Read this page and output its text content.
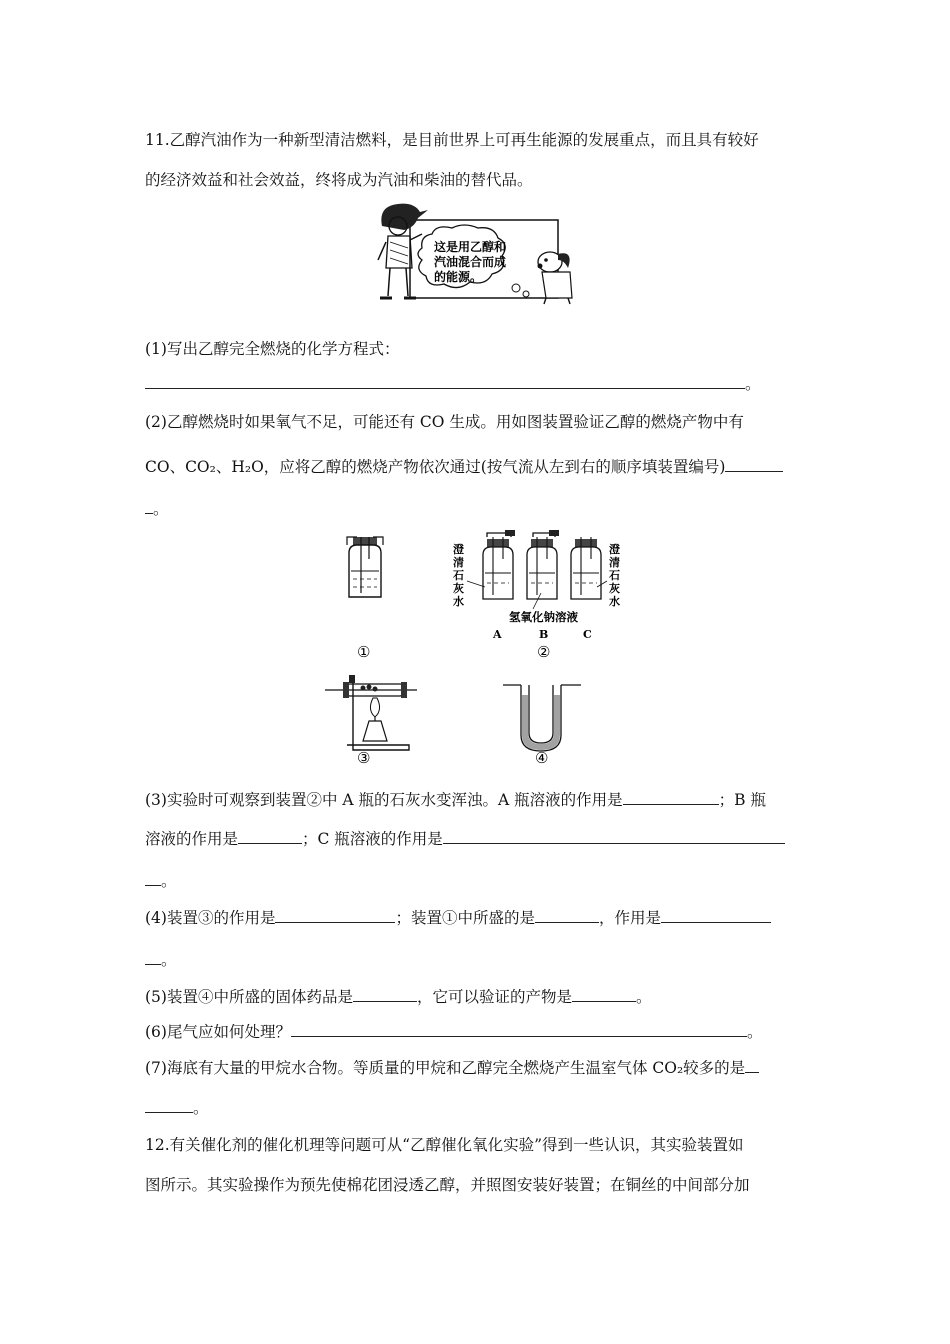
11.乙醇汽油作为一种新型清洁燃料，是目前世界上可再生能源的发展重点，而且具有较好
的经济效益和社会效益，终将成为汽油和柴油的替代品。
这是用乙醇和
汽油混合而成
的能源。
(1)写出乙醇完全燃烧的化学方程式：
。
(2)乙醇燃烧时如果氧气不足，可能还有 CO 生成。用如图装置验证乙醇的燃烧产物中有
CO、CO₂、H₂O，应将乙醇的燃烧产物依次通过(按气流从左到右的顺序填装置编号)
。
①
澄
清
石
灰
水
澄
清
石
灰
水
氢氧化钠溶液
A	B	C
②
③	④
(3)实验时可观察到装置②中 A 瓶的石灰水变浑浊。A 瓶溶液的作用是	；B 瓶
溶液的作用是	；C 瓶溶液的作用是
。
(4)装置③的作用是	；装置①中所盛的是	，作用是
。
(5)装置④中所盛的固体药品是	，它可以验证的产物是	。
(6)尾气应如何处理？	。
(7)海底有大量的甲烷水合物。等质量的甲烷和乙醇完全燃烧产生温室气体 CO₂较多的是
。
12.有关催化剂的催化机理等问题可从“乙醇催化氧化实验”得到一些认识，其实验装置如
图所示。其实验操作为预先使棉花团浸透乙醇，并照图安装好装置；在铜丝的中间部分加
